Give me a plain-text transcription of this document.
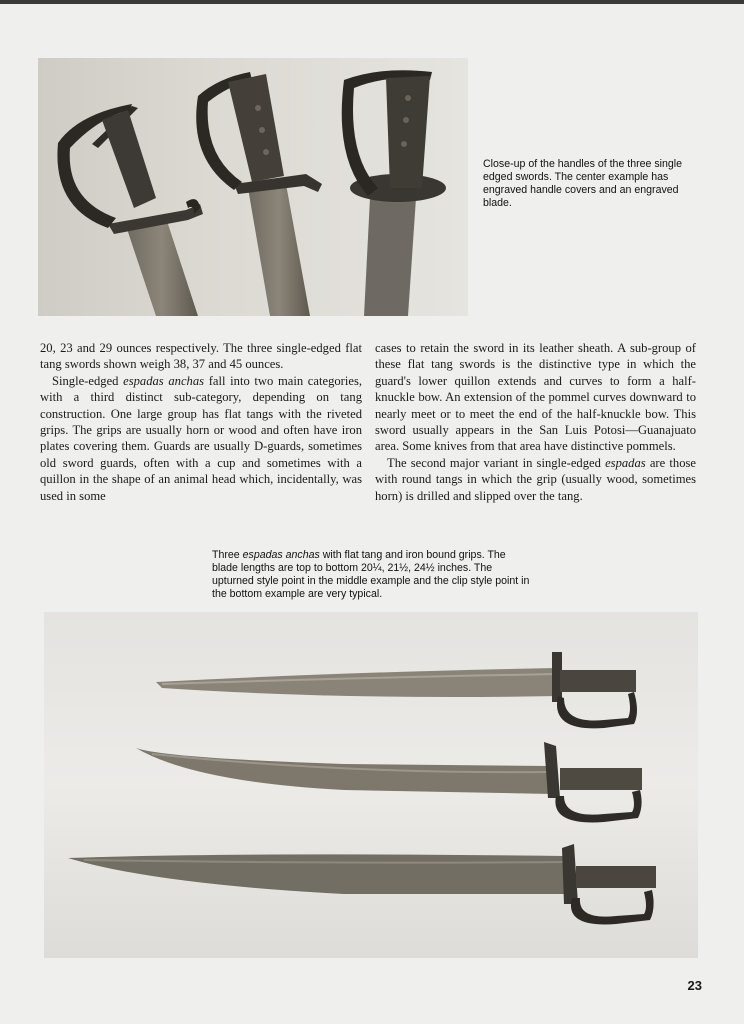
Close-up of the handles of the three single edged swords. The center example has engraved handle covers and an engraved blade.

20, 23 and 29 ounces respectively. The three single-edged flat tang swords shown weigh 38, 37 and 45 ounces.

Single-edged espadas anchas fall into two main categories, with a third distinct sub-category, depending on tang construction. One large group has flat tangs with the riveted grips. The grips are usually horn or wood and often have iron plates covering them. Guards are usually D-guards, sometimes old sword guards, often with a cup and sometimes with a quillon in the shape of an animal head which, incidentally, was used in some

cases to retain the sword in its leather sheath. A sub-group of these flat tang swords is the distinctive type in which the guard's lower quillon extends and curves to form a half-knuckle bow. An extension of the pommel curves downward to nearly meet or to meet the end of the half-knuckle bow. This sword usually appears in the San Luis Potosi—Guanajuato area. Some knives from that area have distinctive pommels.

The second major variant in single-edged espadas are those with round tangs in which the grip (usually wood, sometimes horn) is drilled and slipped over the tang.

Three espadas anchas with flat tang and iron bound grips. The blade lengths are top to bottom 20¼, 21½, 24½ inches. The upturned style point in the middle example and the clip style point in the bottom example are very typical.

23
